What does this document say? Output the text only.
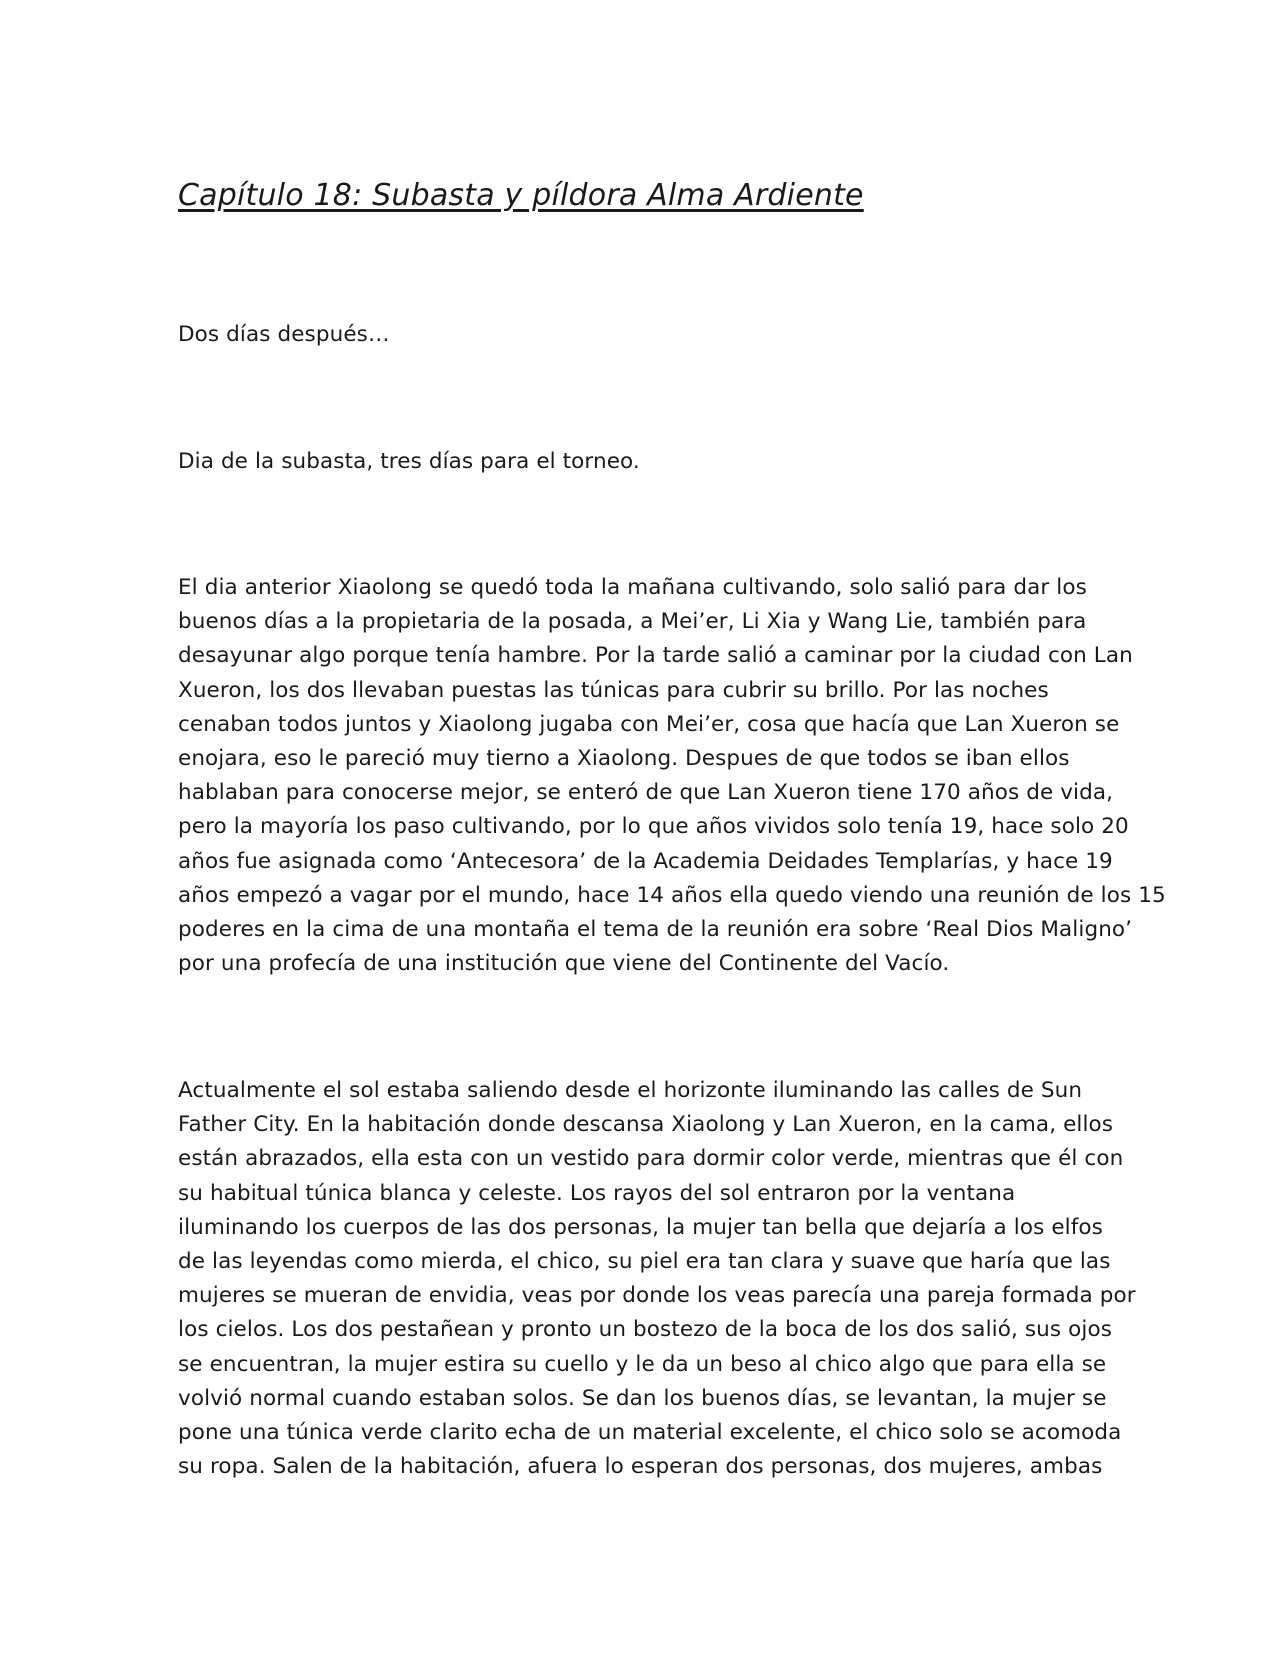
Capítulo 18: Subasta y píldora Alma Ardiente

Dos días después…

Dia de la subasta, tres días para el torneo.

El dia anterior Xiaolong se quedó toda la mañana cultivando, solo salió para dar los
buenos días a la propietaria de la posada, a Mei’er, Li Xia y Wang Lie, también para
desayunar algo porque tenía hambre. Por la tarde salió a caminar por la ciudad con Lan
Xueron, los dos llevaban puestas las túnicas para cubrir su brillo. Por las noches
cenaban todos juntos y Xiaolong jugaba con Mei’er, cosa que hacía que Lan Xueron se
enojara, eso le pareció muy tierno a Xiaolong. Despues de que todos se iban ellos
hablaban para conocerse mejor, se enteró de que Lan Xueron tiene 170 años de vida,
pero la mayoría los paso cultivando, por lo que años vividos solo tenía 19, hace solo 20
años fue asignada como ‘Antecesora’ de la Academia Deidades Templarías, y hace 19
años empezó a vagar por el mundo, hace 14 años ella quedo viendo una reunión de los 15
poderes en la cima de una montaña el tema de la reunión era sobre ‘Real Dios Maligno’
por una profecía de una institución que viene del Continente del Vacío.

Actualmente el sol estaba saliendo desde el horizonte iluminando las calles de Sun
Father City. En la habitación donde descansa Xiaolong y Lan Xueron, en la cama, ellos
están abrazados, ella esta con un vestido para dormir color verde, mientras que él con
su habitual túnica blanca y celeste. Los rayos del sol entraron por la ventana
iluminando los cuerpos de las dos personas, la mujer tan bella que dejaría a los elfos
de las leyendas como mierda, el chico, su piel era tan clara y suave que haría que las
mujeres se mueran de envidia, veas por donde los veas parecía una pareja formada por
los cielos. Los dos pestañean y pronto un bostezo de la boca de los dos salió, sus ojos
se encuentran, la mujer estira su cuello y le da un beso al chico algo que para ella se
volvió normal cuando estaban solos. Se dan los buenos días, se levantan, la mujer se
pone una túnica verde clarito echa de un material excelente, el chico solo se acomoda
su ropa. Salen de la habitación, afuera lo esperan dos personas, dos mujeres, ambas
